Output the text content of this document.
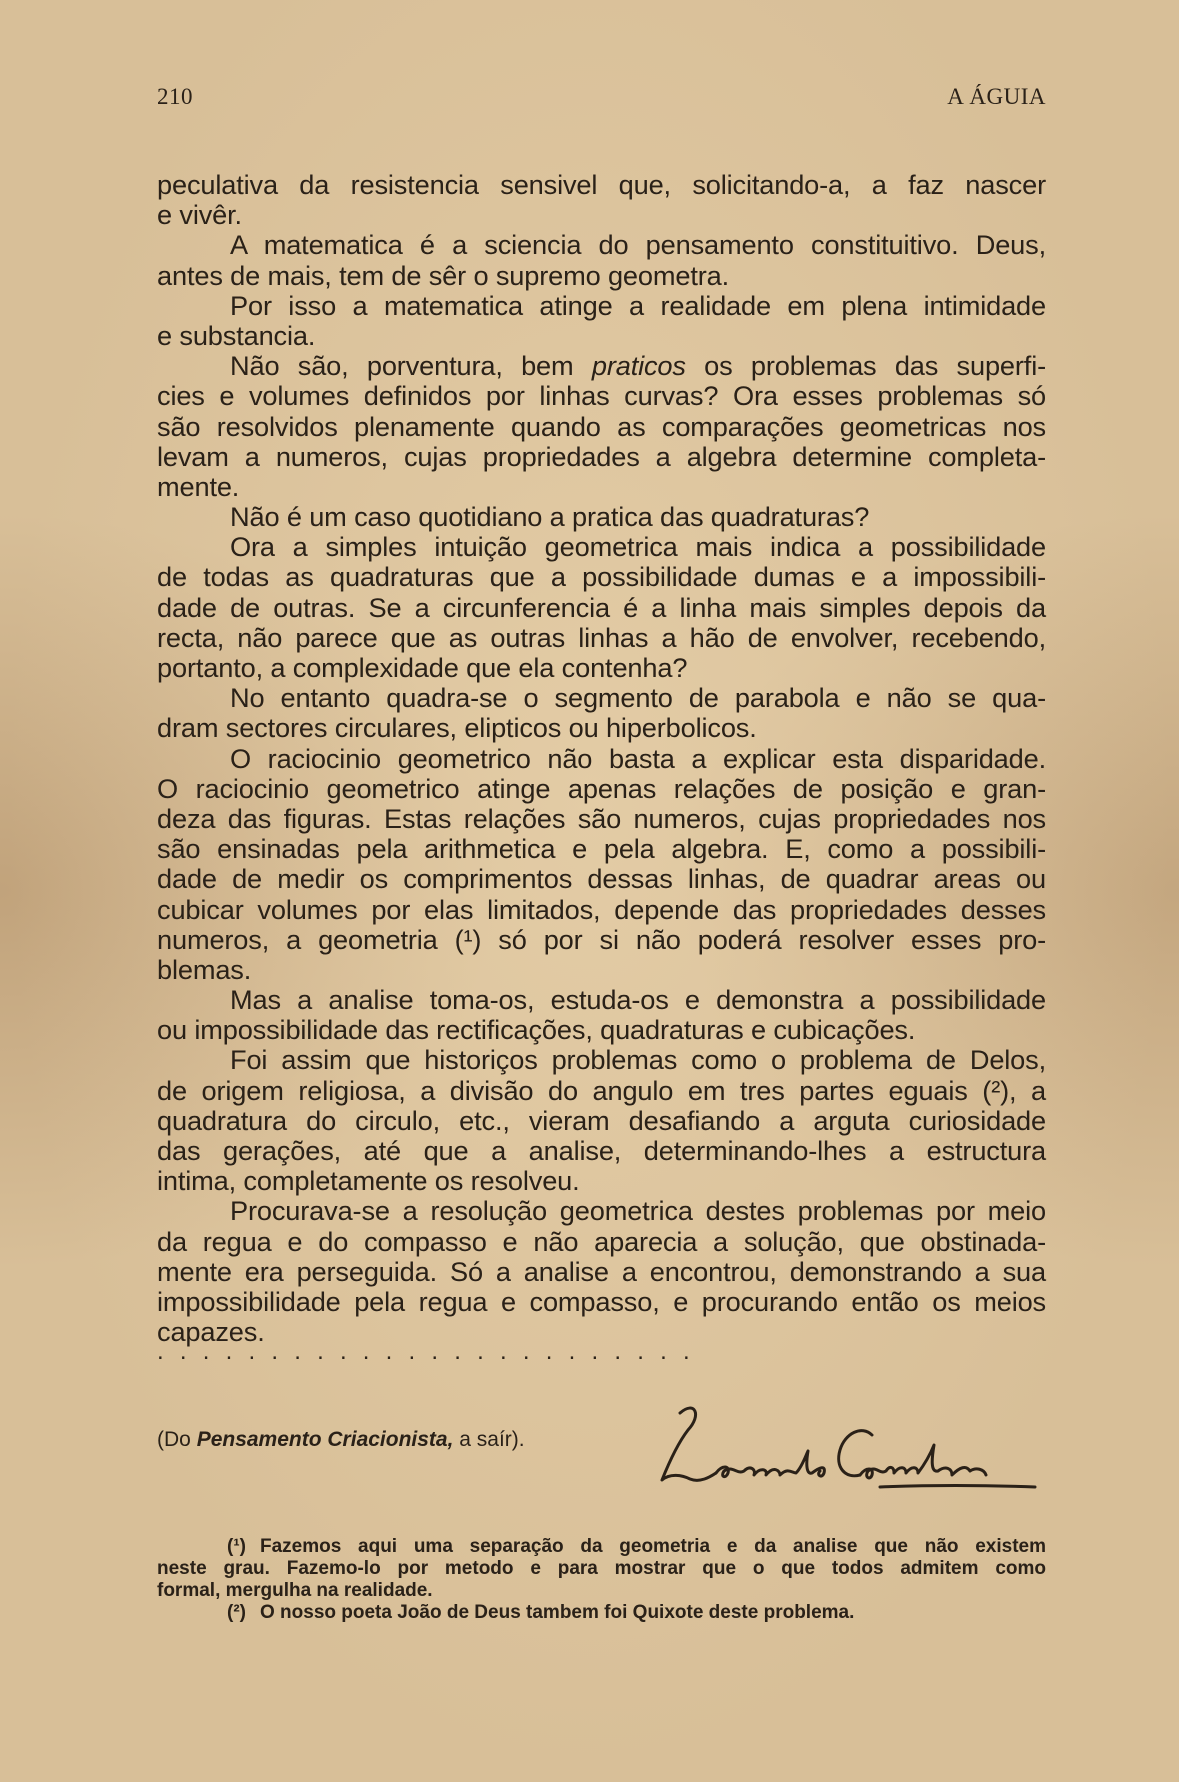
210	A ÁGUIA
peculativa da resistencia sensivel que, solicitando-a, a faz nascer
e vivêr.
A matematica é a sciencia do pensamento constituitivo. Deus,
antes de mais, tem de sêr o supremo geometra.
Por isso a matematica atinge a realidade em plena intimidade
e substancia.
Não são, porventura, bem praticos os problemas das superfi-
cies e volumes definidos por linhas curvas? Ora esses problemas só
são resolvidos plenamente quando as comparações geometricas nos
levam a numeros, cujas propriedades a algebra determine completa-
mente.
Não é um caso quotidiano a pratica das quadraturas?
Ora a simples intuição geometrica mais indica a possibilidade
de todas as quadraturas que a possibilidade dumas e a impossibili-
dade de outras. Se a circunferencia é a linha mais simples depois da
recta, não parece que as outras linhas a hão de envolver, recebendo,
portanto, a complexidade que ela contenha?
No entanto quadra-se o segmento de parabola e não se qua-
dram sectores circulares, elipticos ou hiperbolicos.
O raciocinio geometrico não basta a explicar esta disparidade.
O raciocinio geometrico atinge apenas relações de posição e gran-
deza das figuras. Estas relações são numeros, cujas propriedades nos
são ensinadas pela arithmetica e pela algebra. E, como a possibili-
dade de medir os comprimentos dessas linhas, de quadrar areas ou
cubicar volumes por elas limitados, depende das propriedades desses
numeros, a geometria (¹) só por si não poderá resolver esses pro-
blemas.
Mas a analise toma-os, estuda-os e demonstra a possibilidade
ou impossibilidade das rectificações, quadraturas e cubicações.
Foi assim que historiços problemas como o problema de Delos,
de origem religiosa, a divisão do angulo em tres partes eguais (²), a
quadratura do circulo, etc., vieram desafiando a arguta curiosidade
das gerações, até que a analise, determinando-lhes a estructura
intima, completamente os resolveu.
Procurava-se a resolução geometrica destes problemas por meio
da regua e do compasso e não aparecia a solução, que obstinada-
mente era perseguida. Só a analise a encontrou, demonstrando a sua
impossibilidade pela regua e compasso, e procurando então os meios
capazes.
........................
(Do Pensamento Criacionista, a saír).
(¹) Fazemos aqui uma separação da geometria e da analise que não existem
neste grau. Fazemo-lo por metodo e para mostrar que o que todos admitem como
formal, mergulha na realidade.
(²) O nosso poeta João de Deus tambem foi Quixote deste problema.
